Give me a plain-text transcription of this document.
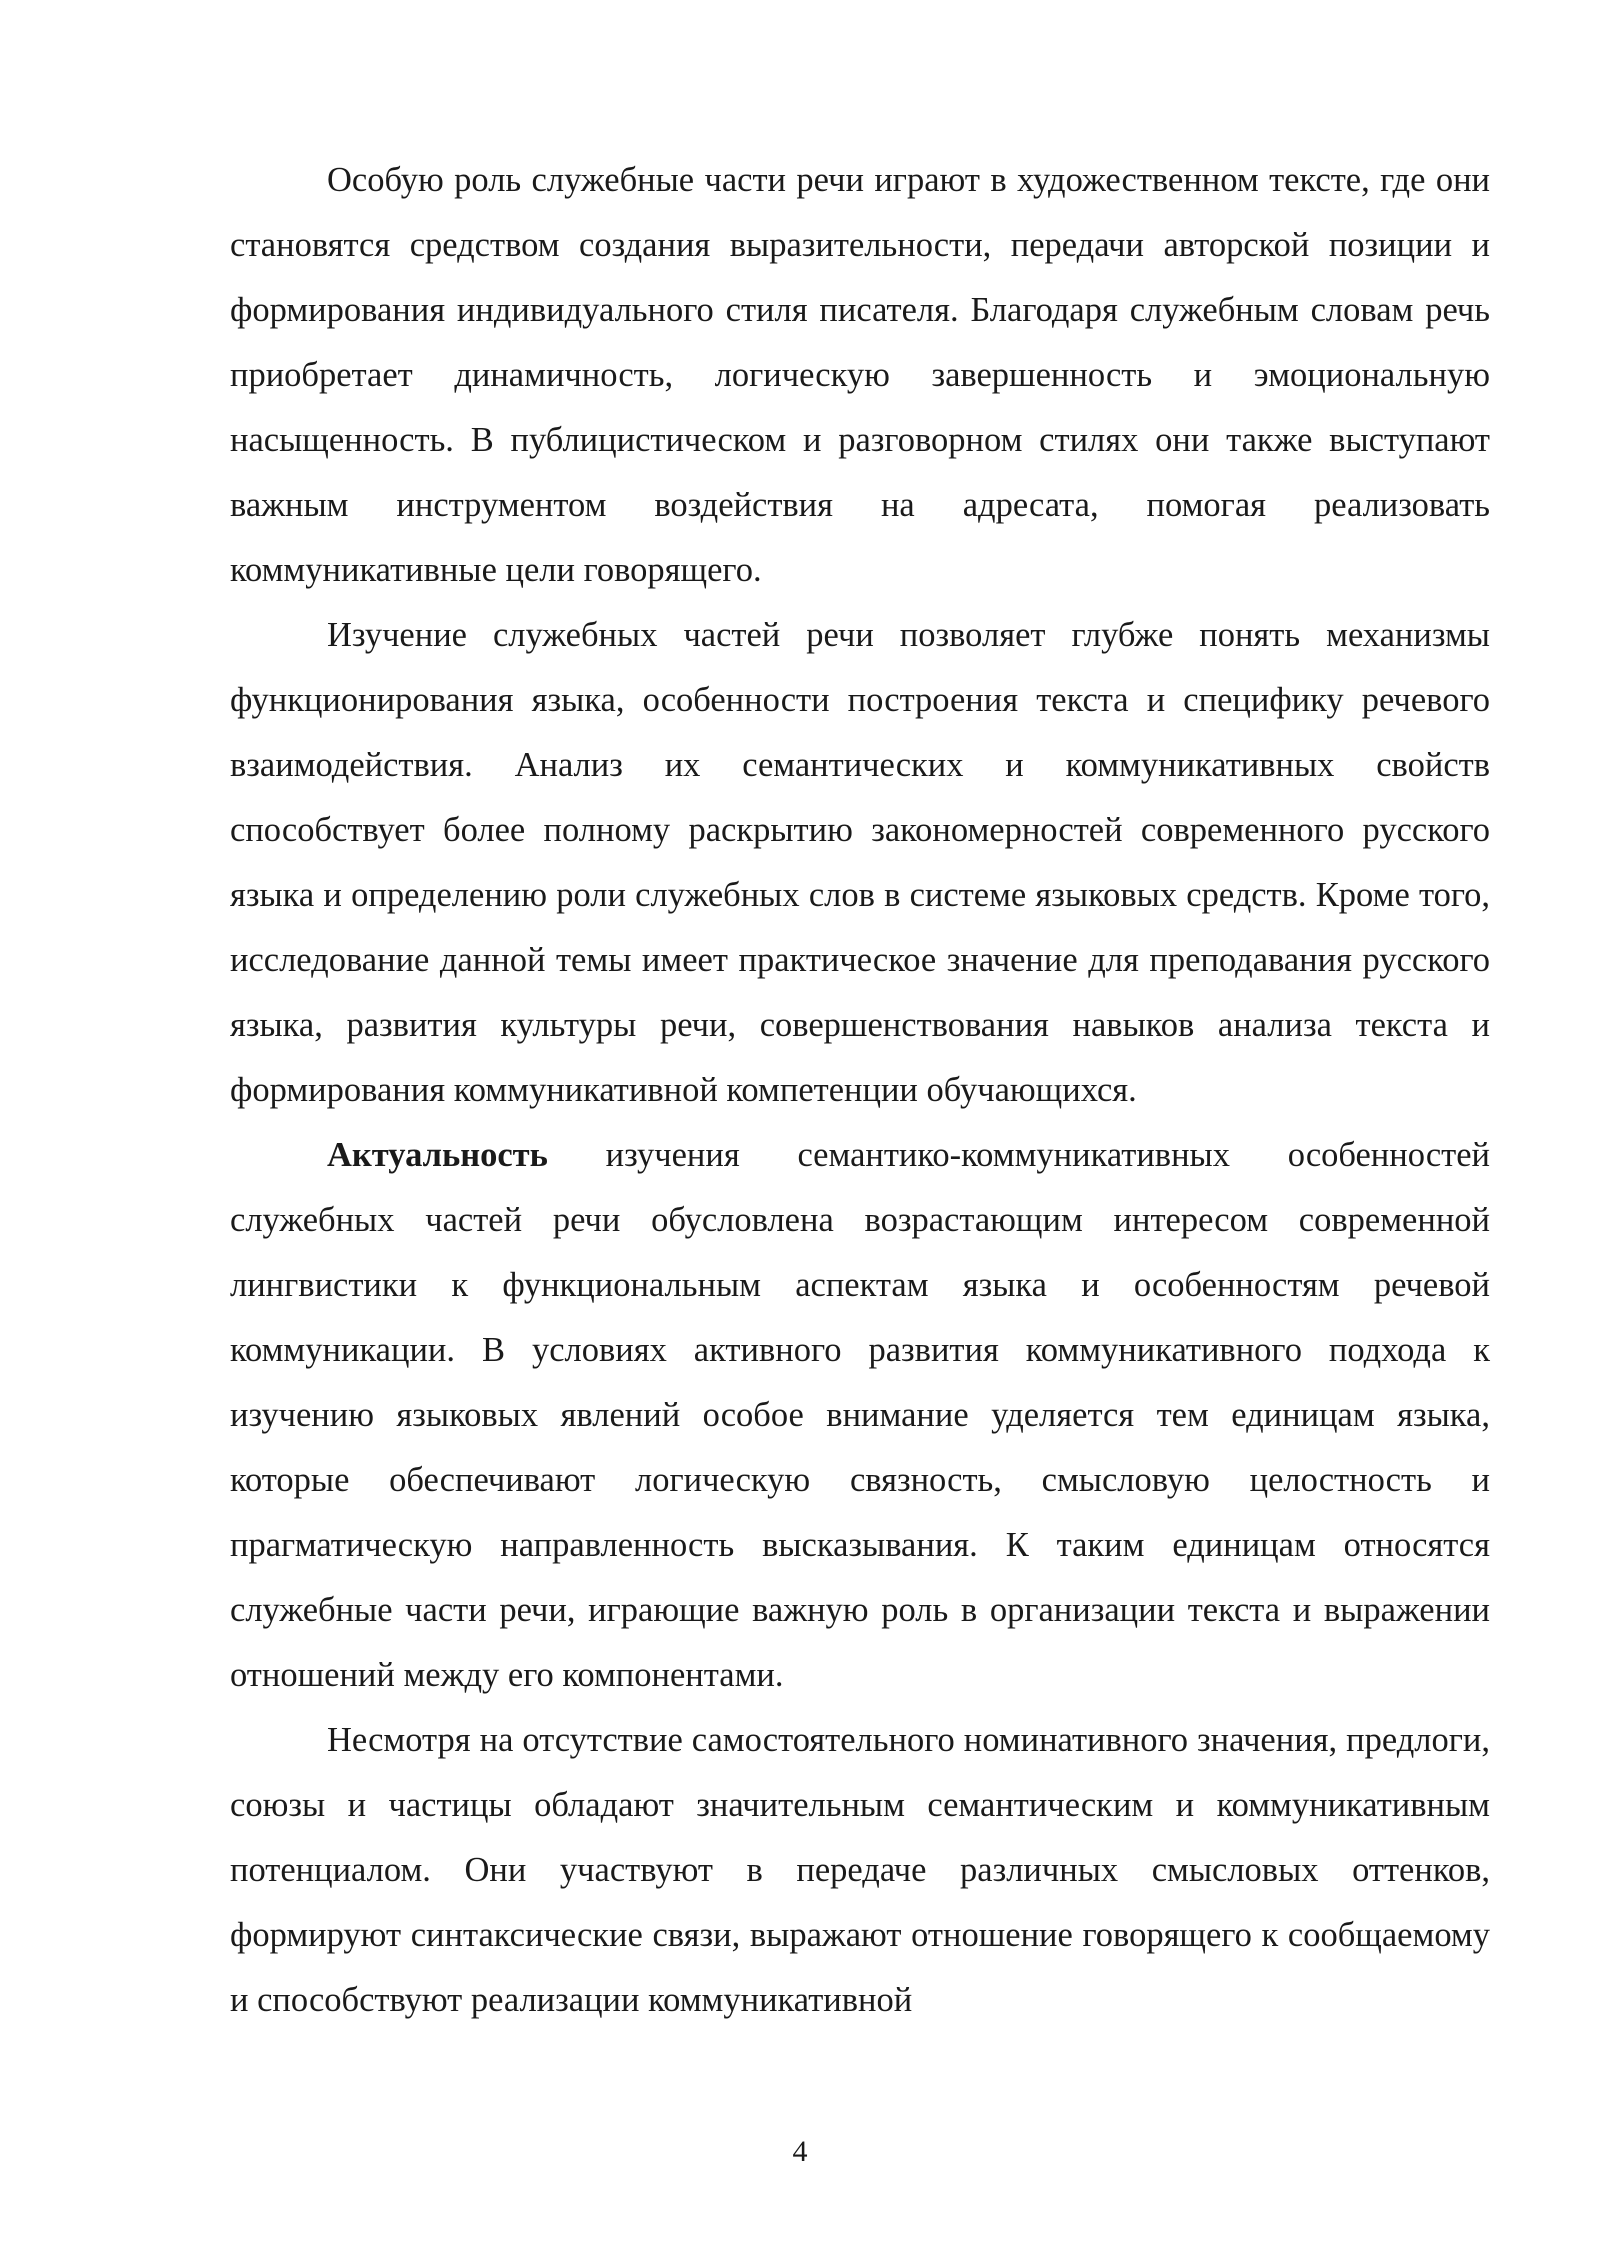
Особую роль служебные части речи играют в художественном тексте, где они становятся средством создания выразительности, передачи авторской позиции и формирования индивидуального стиля писателя. Благодаря служебным словам речь приобретает динамичность, логическую завершенность и эмоциональную насыщенность. В публицистическом и разговорном стилях они также выступают важным инструментом воздействия на адресата, помогая реализовать коммуникативные цели говорящего.

Изучение служебных частей речи позволяет глубже понять механизмы функционирования языка, особенности построения текста и специфику речевого взаимодействия. Анализ их семантических и коммуникативных свойств способствует более полному раскрытию закономерностей современного русского языка и определению роли служебных слов в системе языковых средств. Кроме того, исследование данной темы имеет практическое значение для преподавания русского языка, развития культуры речи, совершенствования навыков анализа текста и формирования коммуникативной компетенции обучающихся.

Актуальность изучения семантико-коммуникативных особенностей служебных частей речи обусловлена возрастающим интересом современной лингвистики к функциональным аспектам языка и особенностям речевой коммуникации. В условиях активного развития коммуникативного подхода к изучению языковых явлений особое внимание уделяется тем единицам языка, которые обеспечивают логическую связность, смысловую целостность и прагматическую направленность высказывания. К таким единицам относятся служебные части речи, играющие важную роль в организации текста и выражении отношений между его компонентами.

Несмотря на отсутствие самостоятельного номинативного значения, предлоги, союзы и частицы обладают значительным семантическим и коммуникативным потенциалом. Они участвуют в передаче различных смысловых оттенков, формируют синтаксические связи, выражают отношение говорящего к сообщаемому и способствуют реализации коммуникативной

4
